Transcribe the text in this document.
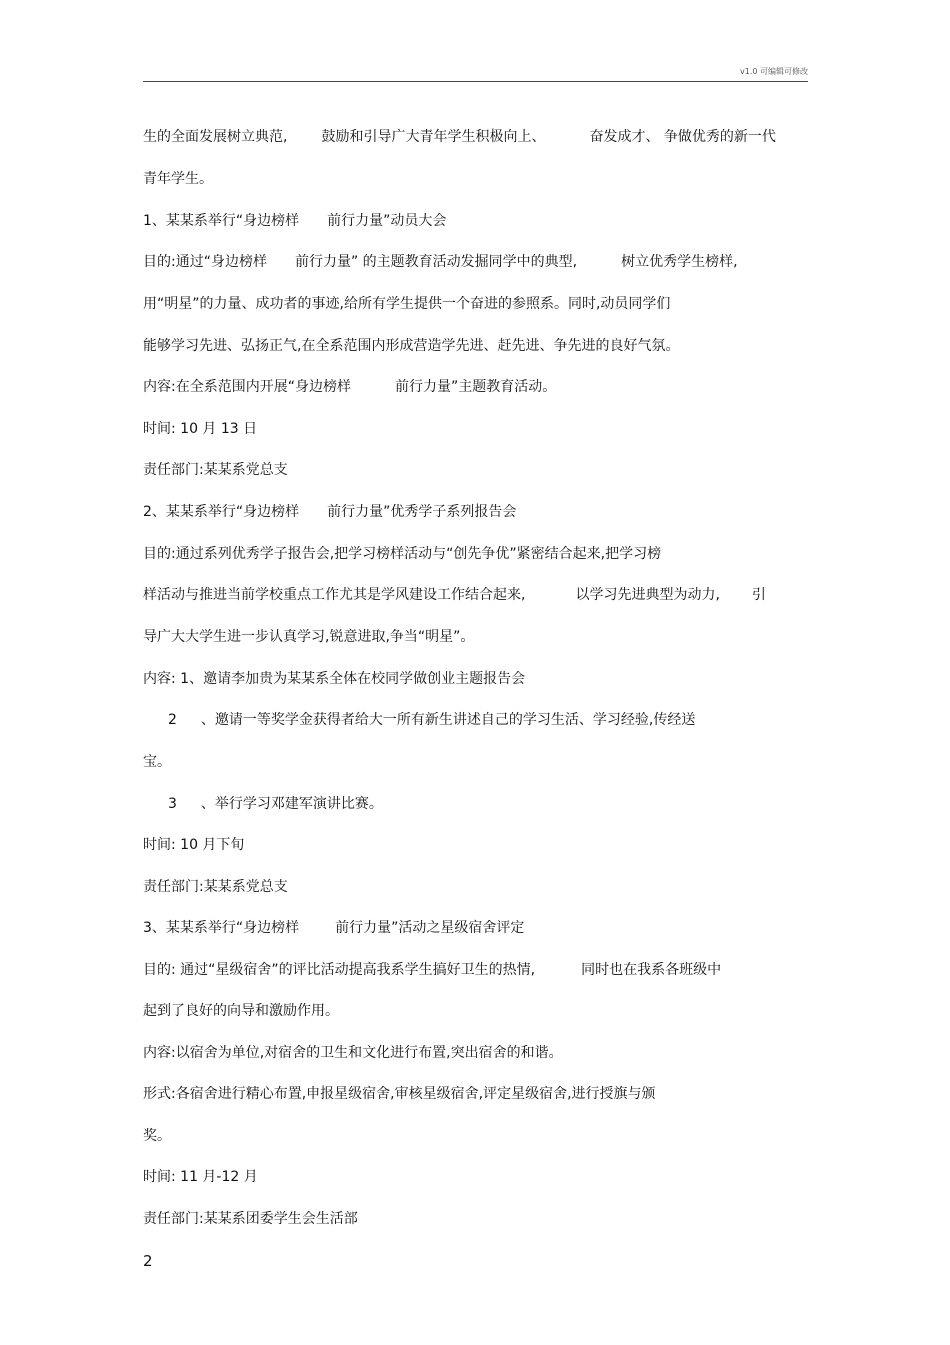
v1.0 可编辑可修改
生的全面发展树立典范, 鼓励和引导广大青年学生积极向上、	奋发成才、 争做优秀的新一代
青年学生。
1、某某系举行“身边榜样 前行力量”动员大会
目的:通过“身边榜样 前行力量” 的主题教育活动发掘同学中的典型,	树立优秀学生榜样,
用“明星”的力量、成功者的事迹,给所有学生提供一个奋进的参照系。同时,动员同学们
能够学习先进、弘扬正气,在全系范围内形成营造学先进、赶先进、争先进的良好气氛。
内容:在全系范围内开展“身边榜样	前行力量”主题教育活动。
时间: 10 月 13 日
责任部门:某某系党总支
2、某某系举行“身边榜样 前行力量”优秀学子系列报告会
目的:通过系列优秀学子报告会,把学习榜样活动与“创先争优”紧密结合起来,把学习榜
样活动与推进当前学校重点工作尤其是学风建设工作结合起来,	以学习先进典型为动力, 引
导广大大学生进一步认真学习,锐意进取,争当“明星”。
内容: 1、邀请李加贵为某某系全体在校同学做创业主题报告会
2 、邀请一等奖学金获得者给大一所有新生讲述自己的学习生活、学习经验,传经送
宝。
3 、举行学习邓建军演讲比赛。
时间: 10 月下旬
责任部门:某某系党总支
3、某某系举行“身边榜样	前行力量”活动之星级宿舍评定
目的: 通过“星级宿舍”的评比活动提高我系学生搞好卫生的热情,	同时也在我系各班级中
起到了良好的向导和激励作用。
内容:以宿舍为单位,对宿舍的卫生和文化进行布置,突出宿舍的和谐。
形式:各宿舍进行精心布置,申报星级宿舍,审核星级宿舍,评定星级宿舍,进行授旗与颁
奖。
时间: 11 月-12 月
责任部门:某某系团委学生会生活部
2
